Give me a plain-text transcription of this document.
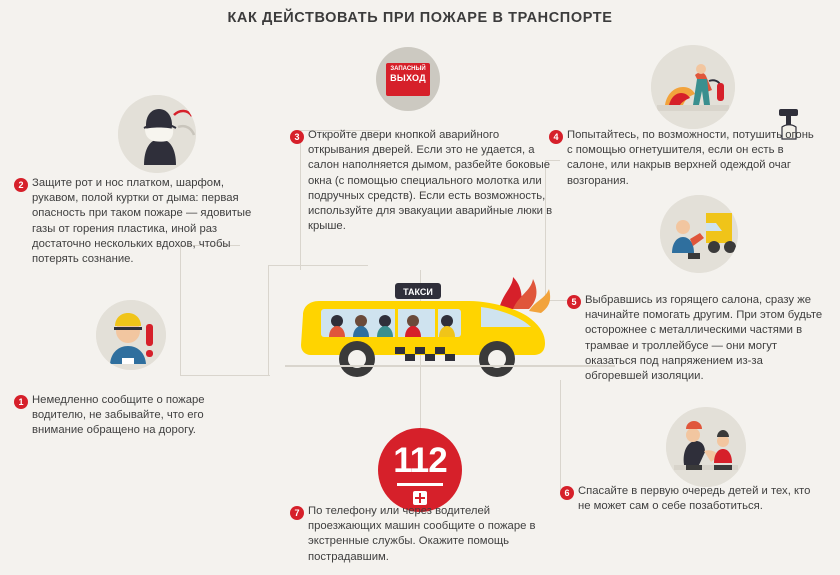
КАК ДЕЙСТВОВАТЬ ПРИ ПОЖАРЕ В ТРАНСПОРТЕ
ЗАПАСНЫЙ
ВЫХОД
ТАКСИ
112
2 Защите рот и нос платком, шарфом, рукавом, полой куртки от дыма: первая опасность при таком пожаре — ядовитые газы от горения пластика, иной раз достаточно нескольких вдохов, чтобы потерять сознание.
3 Откройте двери кнопкой аварийного открывания дверей. Если это не удается, а салон наполняется дымом, разбейте боковые окна (с помощью специального молотка или подручных средств). Если есть возможность, используйте для эвакуации аварийные люки в крыше.
4 Попытайтесь, по возможности, потушить огонь с помощью огнетушителя, если он есть в салоне, или накрыв верхней одеждой очаг возгорания.
1 Немедленно сообщите о пожаре водителю, не забывайте, что его внимание обращено на дорогу.
5 Выбравшись из горящего салона, сразу же начинайте помогать другим. При этом будьте осторожнее с металлическими частями в трамвае и троллейбусе — они могут оказаться под напряжением из-за обгоревшей изоляции.
6 Спасайте в первую очередь детей и тех, кто не может сам о себе позаботиться.
7 По телефону или через водителей проезжающих машин сообщите о пожаре в экстренные службы. Окажите помощь пострадавшим.
